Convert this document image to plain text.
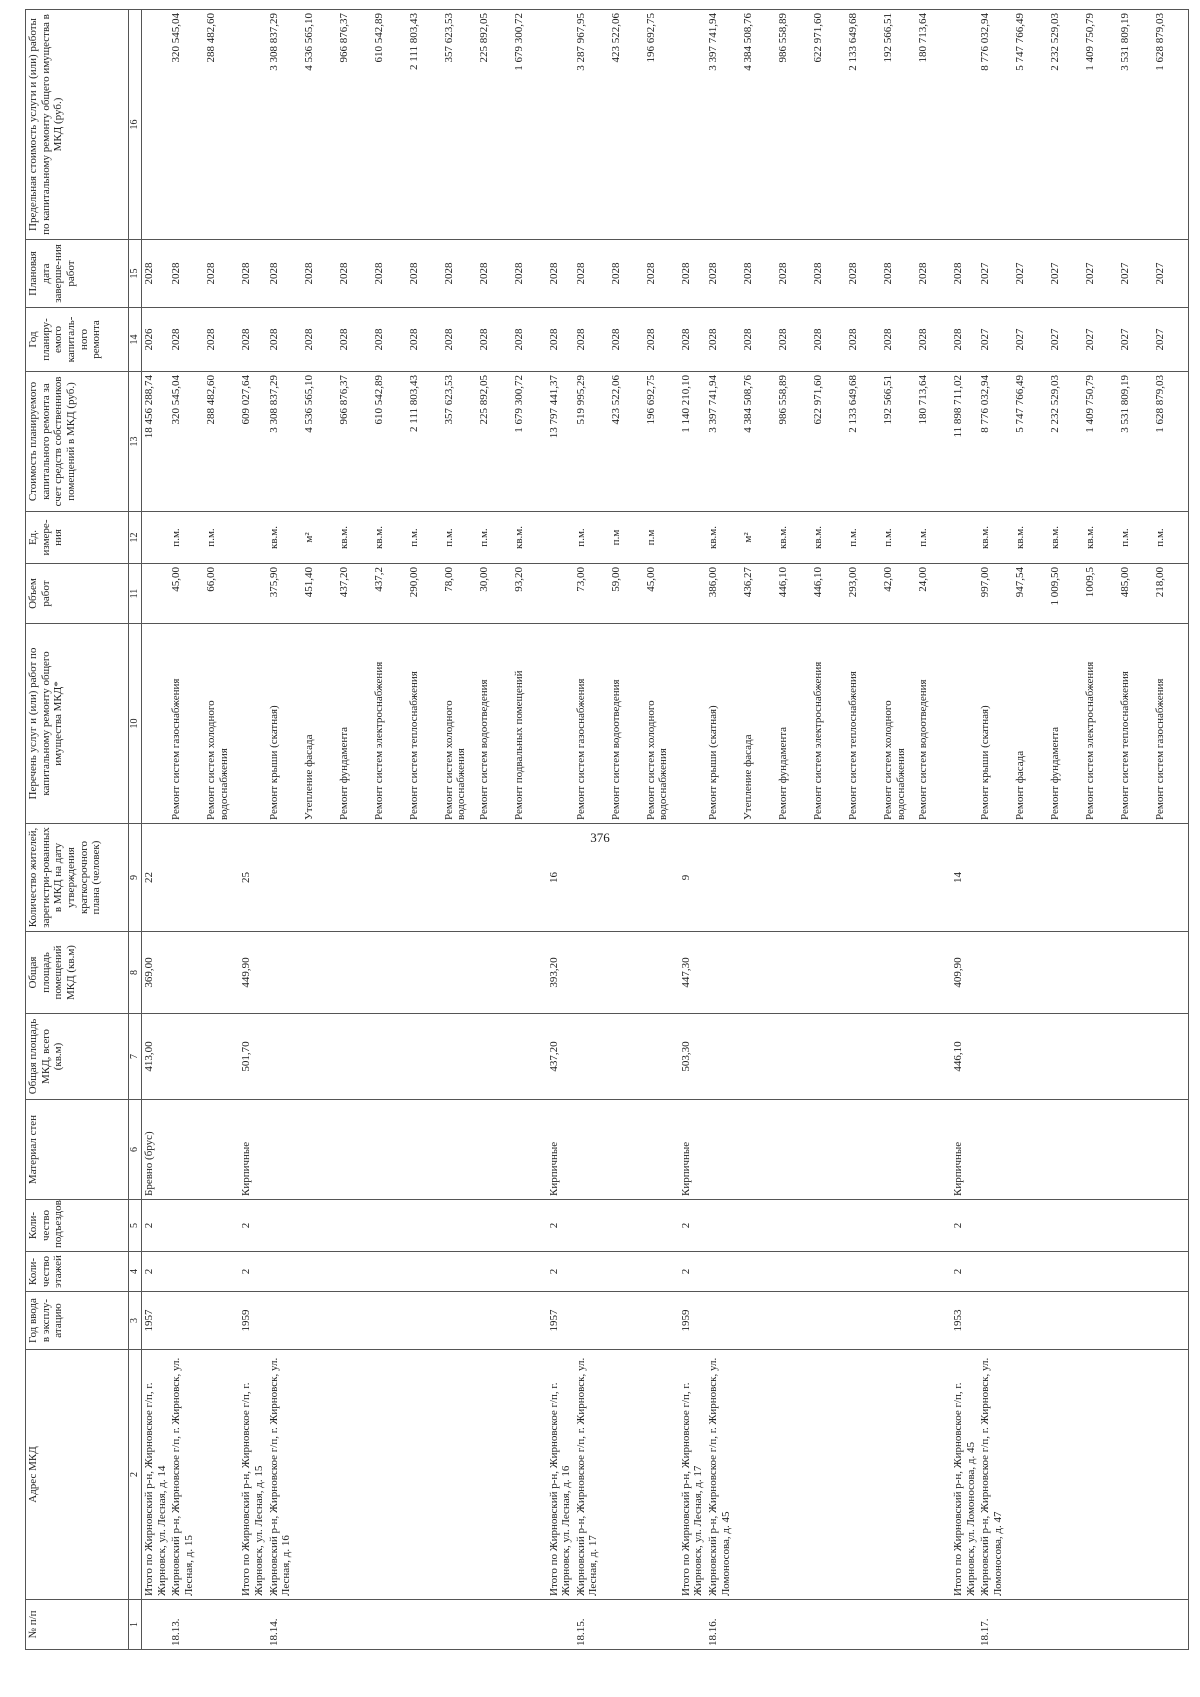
376
№ п/п	Адрес МКД	Год ввода в эксплу-атацию	Коли-чество этажей	Коли-чество подъездов	Материал стен	Общая площадь МКД, всего (кв.м)	Общая площадь помещений МКД (кв.м)	Количество жителей, зарегистри-рованных в МКД на дату утверждения краткосрочного плана (человек)	Перечень услуг и (или) работ по капитальному ремонту общего имущества МКД*	Объем работ	Ед. измере-ния	Стоимость планируемого капитального ремонта за счет средств собственников помещений в МКД (руб.)	Год планиру-емого капиталь-ного ремонта	Плановая дата заверше-ния работ	Предельная стоимость услуги и (или) работы по капитальному ремонту общего имущества в МКД (руб.)
1	2	3	4	5	6	7	8	9	10	11	12	13	14	15	16
	Итого по Жирновский р-н, Жирновское г/п, г. Жирновск, ул. Лесная, д. 14	1957	2	2	Бревно (брус)	413,00	369,00	22				18 456 288,74	2026	2028	
18.13.	Жирновский р-н, Жирновское г/п, г. Жирновск, ул. Лесная, д. 15								Ремонт систем газоснабжения	45,00	п.м.	320 545,04	2028	2028	320 545,04
									Ремонт систем холодного водоснабжения	66,00	п.м.	288 482,60	2028	2028	288 482,60
	Итого по Жирновский р-н, Жирновское г/п, г. Жирновск, ул. Лесная, д. 15	1959	2	2	Кирпичные	501,70	449,90	25				609 027,64	2028	2028	
18.14.	Жирновский р-н, Жирновское г/п, г. Жирновск, ул. Лесная, д. 16								Ремонт крыши (скатная)	375,90	кв.м.	3 308 837,29	2028	2028	3 308 837,29
									Утепление фасада	451,40	м²	4 536 565,10	2028	2028	4 536 565,10
									Ремонт фундамента	437,20	кв.м.	966 876,37	2028	2028	966 876,37
									Ремонт систем электроснабжения	437,2	кв.м.	610 542,89	2028	2028	610 542,89
									Ремонт систем теплоснабжения	290,00	п.м.	2 111 803,43	2028	2028	2 111 803,43
									Ремонт систем холодного водоснабжения	78,00	п.м.	357 623,53	2028	2028	357 623,53
									Ремонт систем водоотведения	30,00	п.м.	225 892,05	2028	2028	225 892,05
									Ремонт подвальных помещений	93,20	кв.м.	1 679 300,72	2028	2028	1 679 300,72
	Итого по Жирновский р-н, Жирновское г/п, г. Жирновск, ул. Лесная, д. 16	1957	2	2	Кирпичные	437,20	393,20	16				13 797 441,37	2028	2028	
18.15.	Жирновский р-н, Жирновское г/п, г. Жирновск, ул. Лесная, д. 17								Ремонт систем газоснабжения	73,00	п.м.	519 995,29	2028	2028	3 287 967,95
									Ремонт систем водоотведения	59,00	п.м	423 522,06	2028	2028	423 522,06
									Ремонт систем холодного водоснабжения	45,00	п.м	196 692,75	2028	2028	196 692,75
	Итого по Жирновский р-н, Жирновское г/п, г. Жирновск, ул. Лесная, д. 17	1959	2	2	Кирпичные	503,30	447,30	9				1 140 210,10	2028	2028	
18.16.	Жирновский р-н, Жирновское г/п, г. Жирновск, ул. Ломоносова, д. 45								Ремонт крыши (скатная)	386,00	кв.м.	3 397 741,94	2028	2028	3 397 741,94
									Утепление фасада	436,27	м²	4 384 508,76	2028	2028	4 384 508,76
									Ремонт фундамента	446,10	кв.м.	986 558,89	2028	2028	986 558,89
									Ремонт систем электроснабжения	446,10	кв.м.	622 971,60	2028	2028	622 971,60
									Ремонт систем теплоснабжения	293,00	п.м.	2 133 649,68	2028	2028	2 133 649,68
									Ремонт систем холодного водоснабжения	42,00	п.м.	192 566,51	2028	2028	192 566,51
									Ремонт систем водоотведения	24,00	п.м.	180 713,64	2028	2028	180 713,64
	Итого по Жирновский р-н, Жирновское г/п, г. Жирновск, ул. Ломоносова, д. 45	1953	2	2	Кирпичные	446,10	409,90	14				11 898 711,02	2028	2028	
18.17.	Жирновский р-н, Жирновское г/п, г. Жирновск, ул. Ломоносова, д. 47								Ремонт крыши (скатная)	997,00	кв.м.	8 776 032,94	2027	2027	8 776 032,94
									Ремонт фасада	947,54	кв.м.	5 747 766,49	2027	2027	5 747 766,49
									Ремонт фундамента	1 009,50	кв.м.	2 232 529,03	2027	2027	2 232 529,03
									Ремонт систем электроснабжения	1009,5	кв.м.	1 409 750,79	2027	2027	1 409 750,79
									Ремонт систем теплоснабжения	485,00	п.м.	3 531 809,19	2027	2027	3 531 809,19
									Ремонт систем газоснабжения	218,00	п.м.	1 628 879,03	2027	2027	1 628 879,03
